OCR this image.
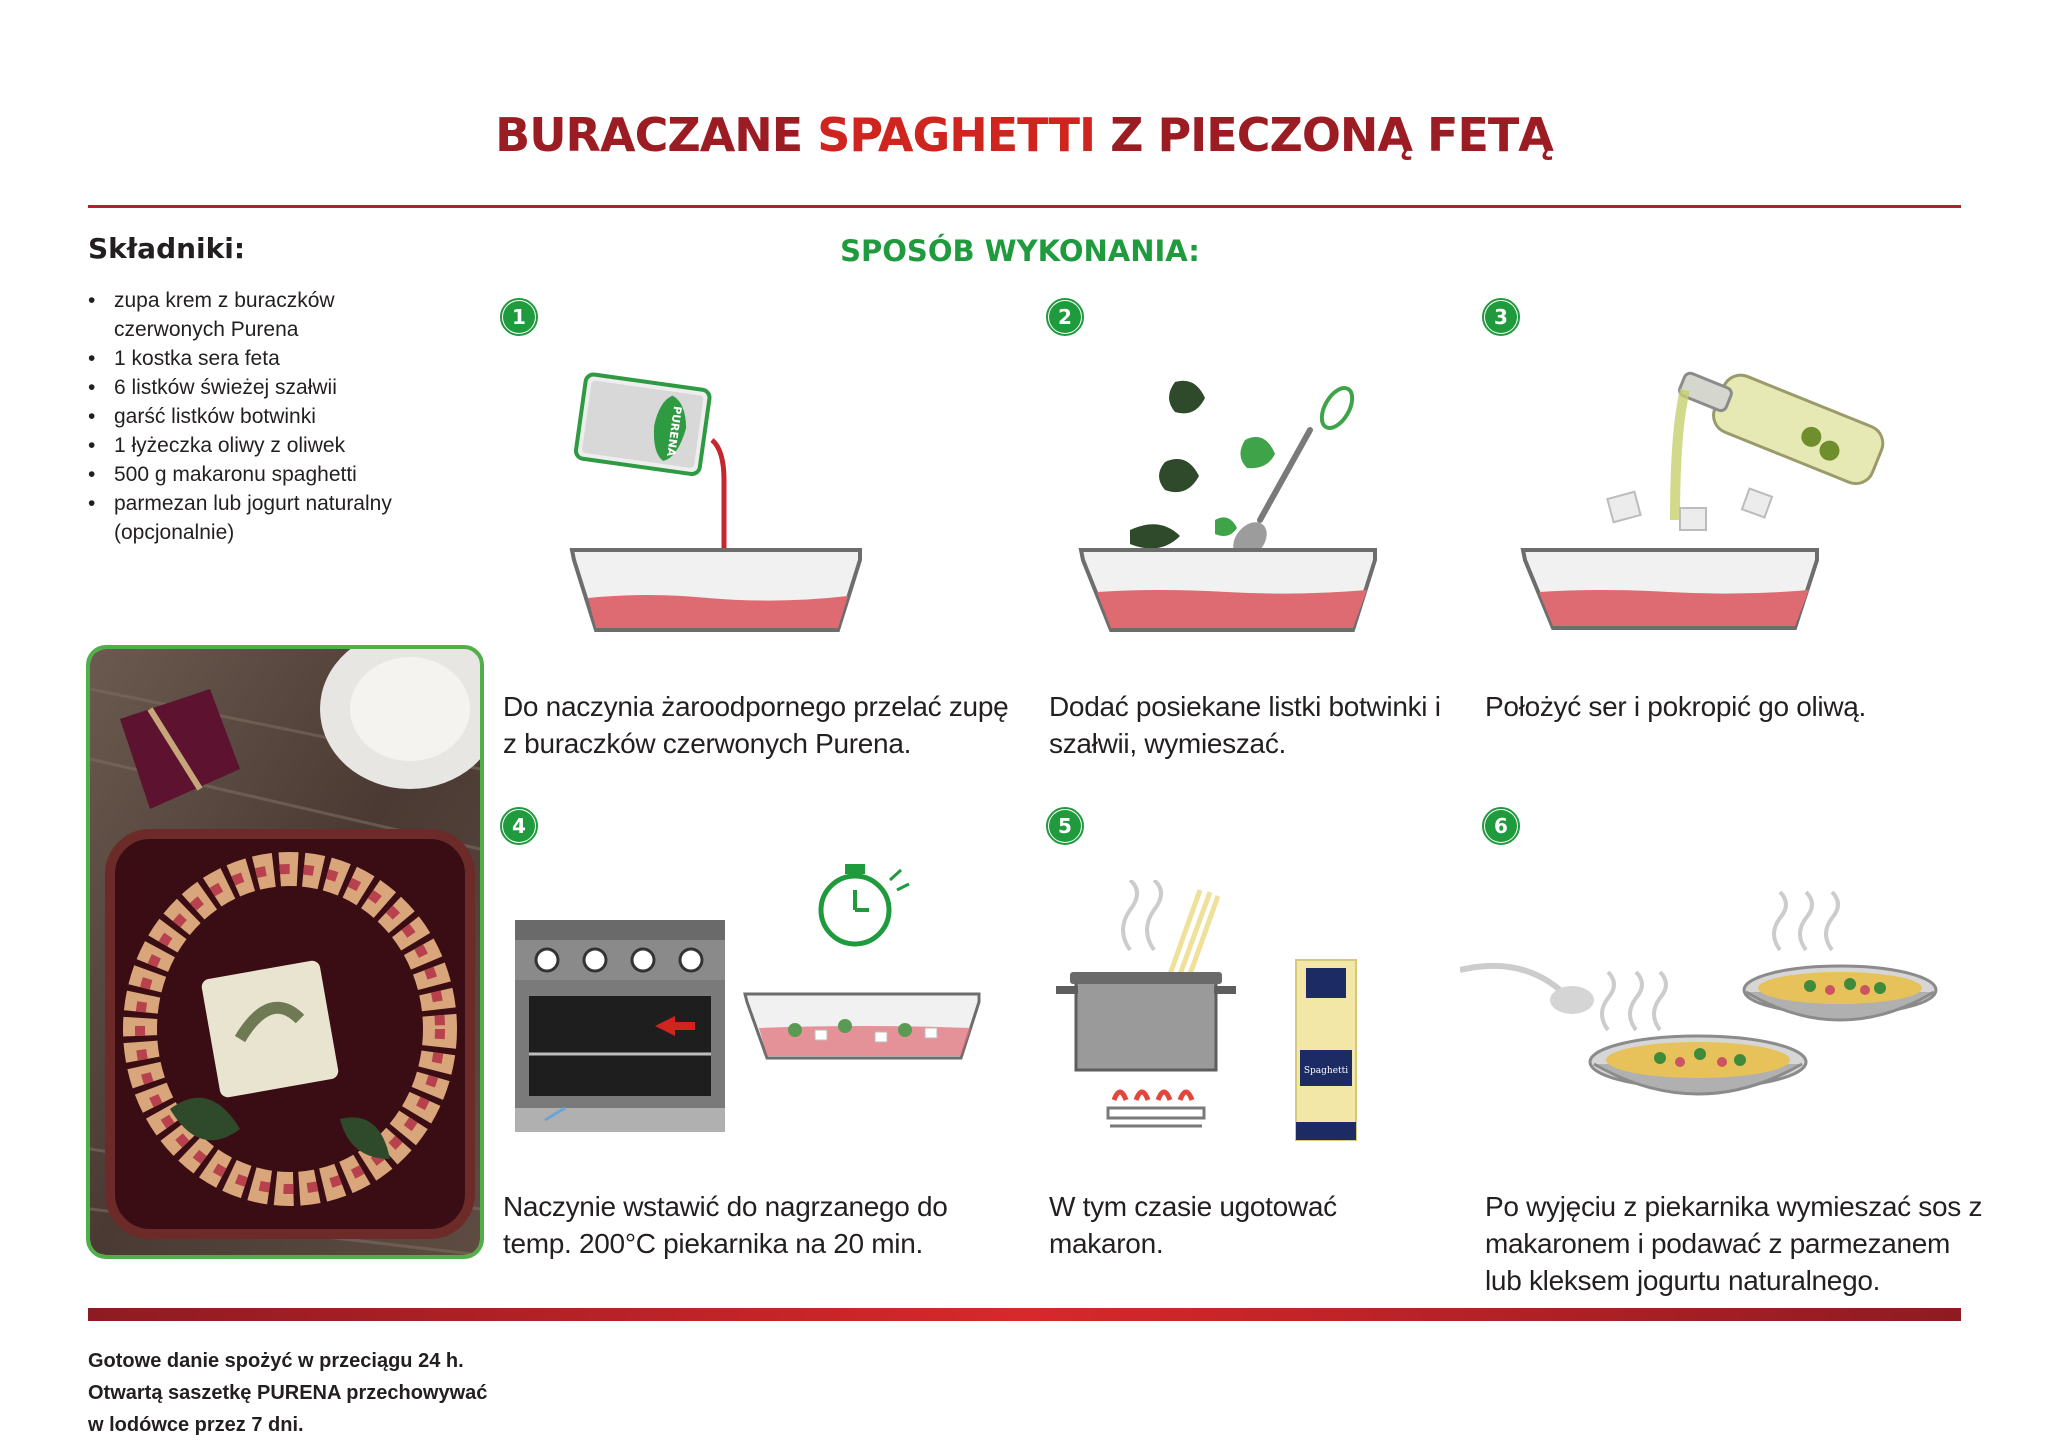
BURACZANE SPAGHETTI Z PIECZONĄ FETĄ
Składniki:
• zupa krem z buraczków czerwonych Purena
• 1 kostka sera feta
• 6 listków świeżej szałwii
• garść listków botwinki
• 1 łyżeczka oliwy z oliwek
• 500 g makaronu spaghetti
• parmezan lub jogurt naturalny (opcjonalnie)
SPOSÓB WYKONANIA:
1	2	3
4	5	6
PURENA
Spaghetti

Do naczynia żaroodpornego przelać zupę z buraczków czerwonych Purena.

Dodać posiekane listki botwinki i szałwii, wymieszać.

Położyć ser i pokropić go oliwą.

Naczynie wstawić do nagrzanego do temp. 200°C piekarnika na 20 min.

W tym czasie ugotować makaron.

Po wyjęciu z piekarnika wymieszać sos z makaronem i podawać z parmezanem lub kleksem jogurtu naturalnego.

Gotowe danie spożyć w przeciągu 24 h.
Otwartą saszetkę PURENA przechowywać
w lodówce przez 7 dni.
